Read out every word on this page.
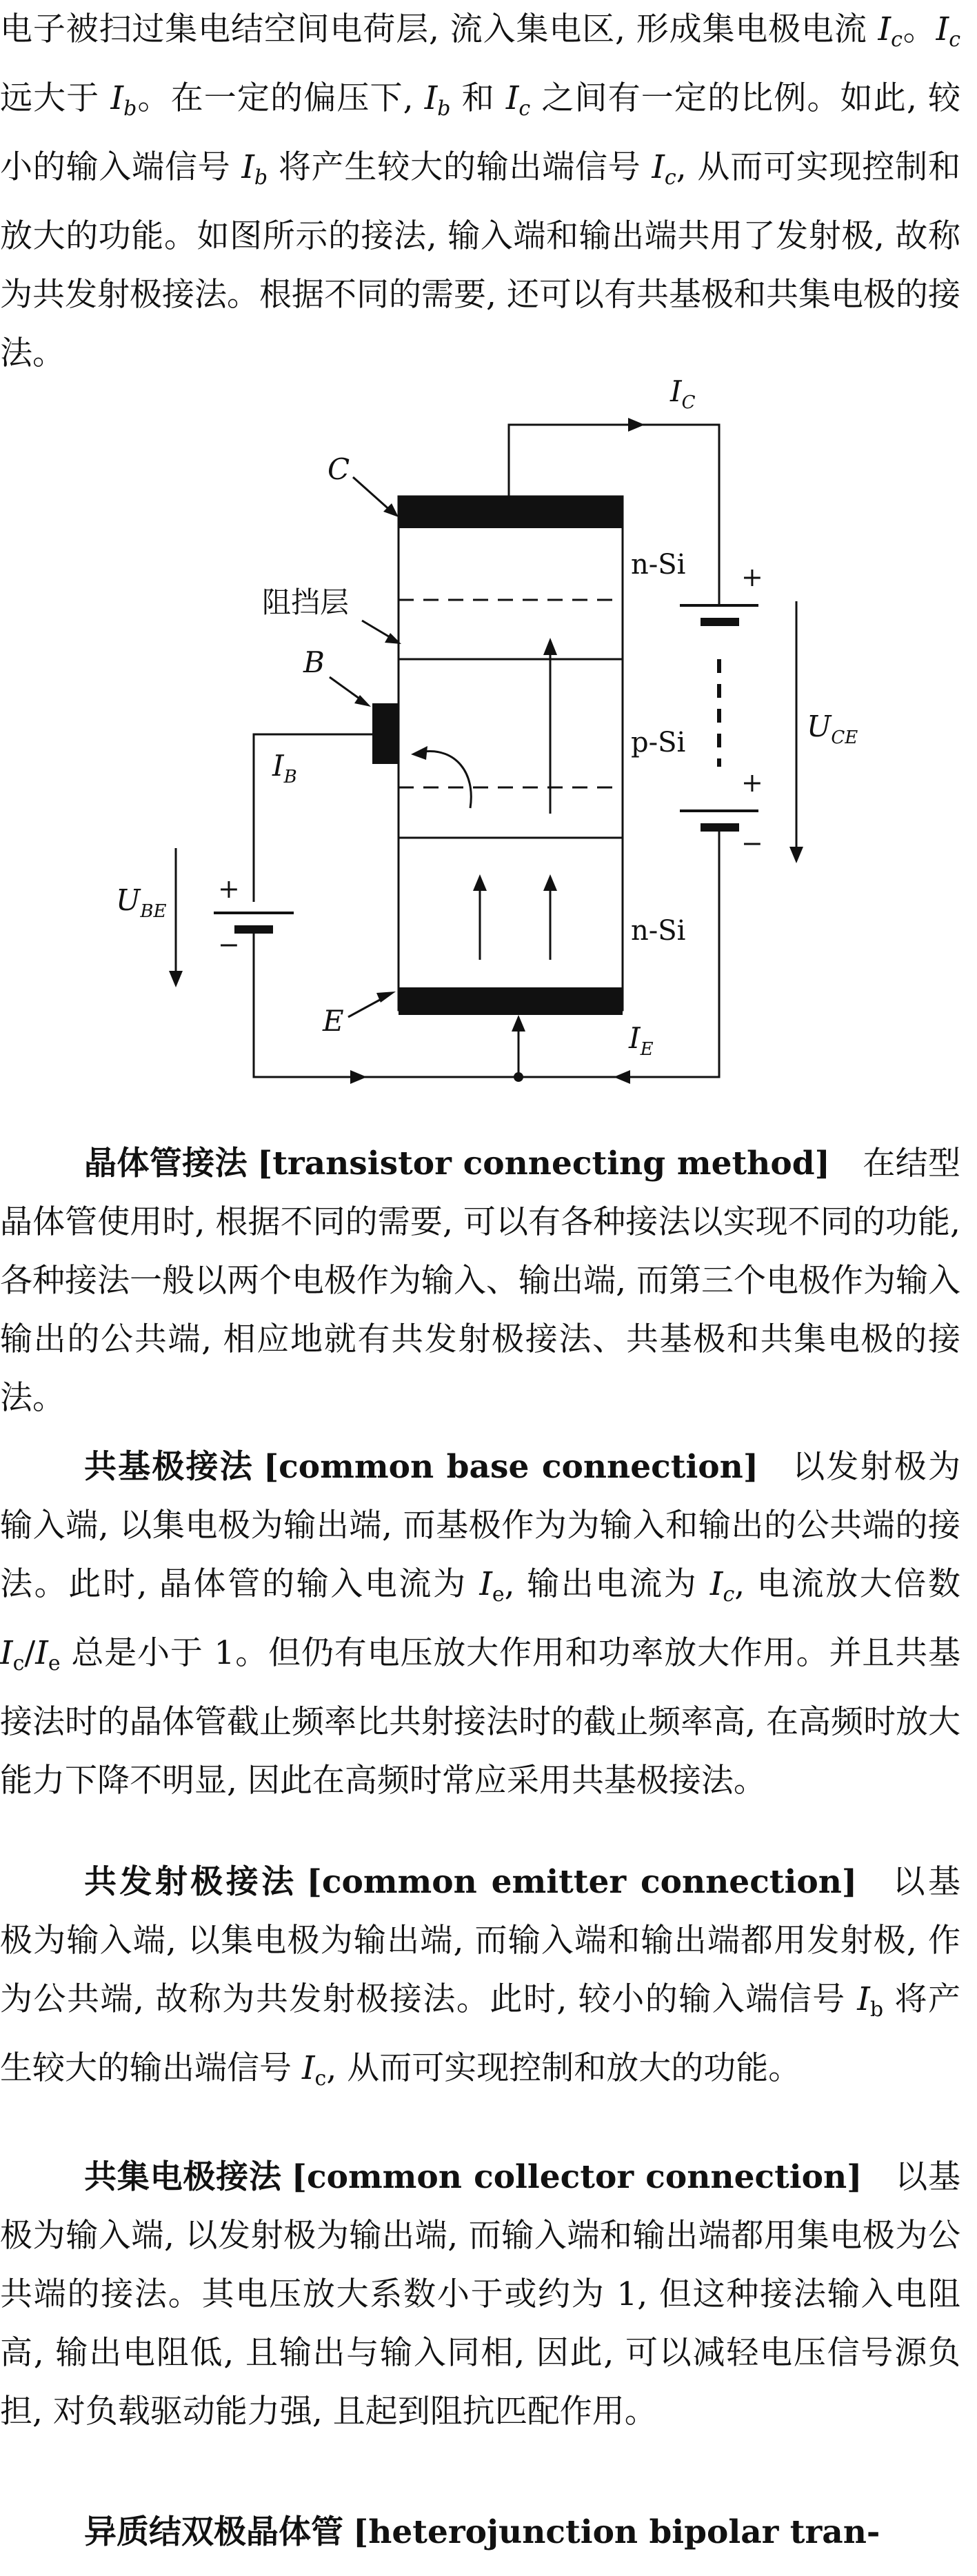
电子被扫过集电结空间电荷层, 流入集电区, 形成集电极电流 $I_c$。$I_c$ 远大于 $I_b$。在一定的偏压下, $I_b$ 和 $I_c$ 之间有一定的比例。如此, 较小的输入端信号 $I_b$ 将产生较大的输出端信号 $I_c$, 从而可实现控制和放大的功能。如图所示的接法, 输入端和输出端共用了发射极, 故称为共发射极接法。根据不同的需要, 还可以有共基极和共集电极的接法。

$I_C$
C
n-Si
阻挡层
B
$I_B$
+
−
$U_{BE}$
$I_E$
E
+
+
−
$U_{CE}$
p-Si
n-Si

晶体管接法 [transistor connecting method]  在结型晶体管使用时, 根据不同的需要, 可以有各种接法以实现不同的功能, 各种接法一般以两个电极作为输入、输出端, 而第三个电极作为输入输出的公共端, 相应地就有共发射极接法、共基极和共集电极的接法。

共基极接法 [common base connection]  以发射极为输入端, 以集电极为输出端, 而基极作为为输入和输出的公共端的接法。此时, 晶体管的输入电流为 Ie, 输出电流为 $I_c$, 电流放大倍数 Ic/Ie 总是小于 1。但仍有电压放大作用和功率放大作用。并且共基接法时的晶体管截止频率比共射接法时的截止频率高, 在高频时放大能力下降不明显, 因此在高频时常应采用共基极接法。

共发射极接法 [common emitter connection]  以基极为输入端, 以集电极为输出端, 而输入端和输出端都用发射极, 作为公共端, 故称为共发射极接法。此时, 较小的输入端信号 Ib 将产生较大的输出端信号 Ic, 从而可实现控制和放大的功能。

共集电极接法 [common collector connection]  以基极为输入端, 以发射极为输出端, 而输入端和输出端都用集电极为公共端的接法。其电压放大系数小于或约为 1, 但这种接法输入电阻高, 输出电阻低, 且输出与输入同相, 因此, 可以减轻电压信号源负担, 对负载驱动能力强, 且起到阻抗匹配作用。

异质结双极晶体管 [heterojunction bipolar tran-
